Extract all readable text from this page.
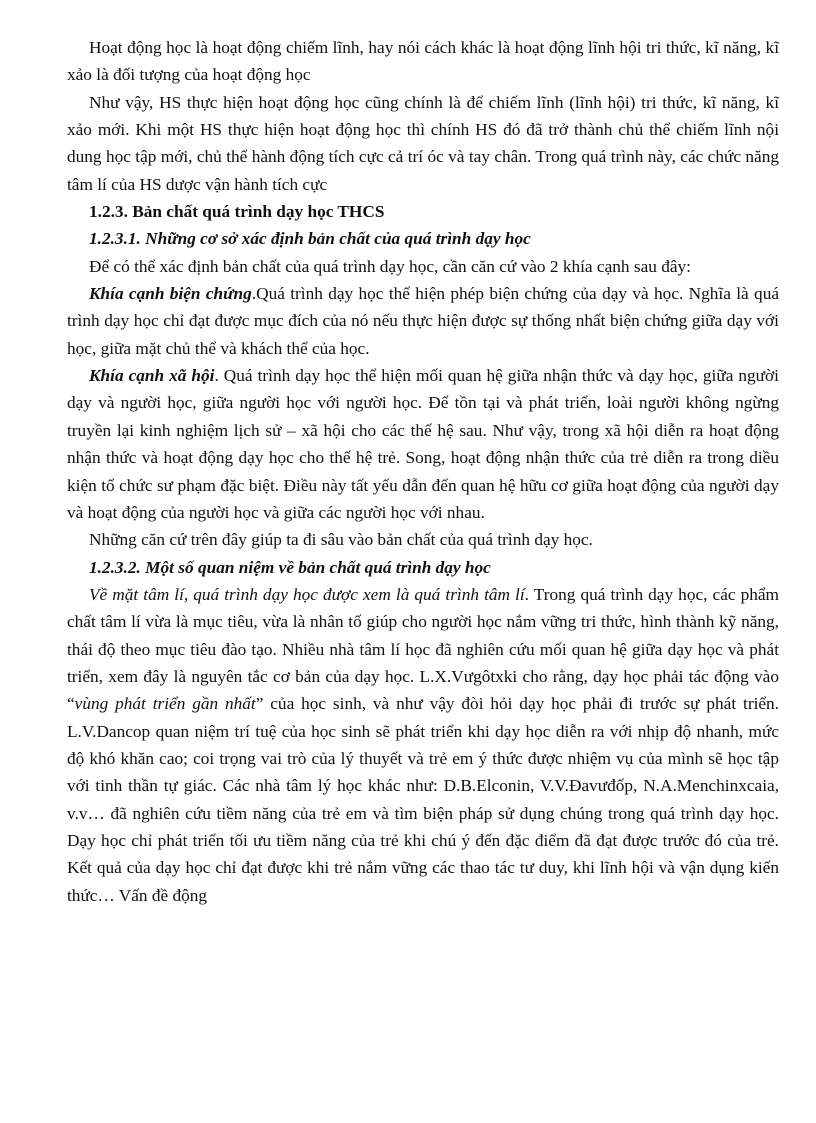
Hoạt động học là hoạt động chiếm lĩnh, hay nói cách khác là hoạt động lĩnh hội tri thức, kĩ năng, kĩ xảo là đối tượng của hoạt động học

Như vậy, HS thực hiện hoạt động học cũng chính là để chiếm lĩnh (lĩnh hội) tri thức, kĩ năng, kĩ xảo mới. Khi một HS thực hiện hoạt động học thì chính HS đó đã trở thành chủ thể chiếm lĩnh nội dung học tập mới, chủ thể hành động tích cực cả trí óc và tay chân. Trong quá trình này, các chức năng tâm lí của HS dược vận hành tích cực

1.2.3. Bản chất quá trình dạy học THCS

1.2.3.1. Những cơ sở xác định bản chất của quá trình dạy học

Để có thể xác định bản chất của quá trình dạy học, cần căn cứ vào 2 khía cạnh sau đây:

Khía cạnh biện chứng.Quá trình dạy học thể hiện phép biện chứng của dạy và học. Nghĩa là quá trình dạy học chỉ đạt được mục đích của nó nếu thực hiện được sự thống nhất biện chứng giữa dạy với học, giữa mặt chủ thể và khách thể của học.

Khía cạnh xã hội. Quá trình dạy học thể hiện mối quan hệ giữa nhận thức và dạy học, giữa người dạy và người học, giữa người học với người học. Để tồn tại và phát triển, loài người không ngừng truyền lại kinh nghiệm lịch sử – xã hội cho các thế hệ sau. Như vậy, trong xã hội diễn ra hoạt động nhận thức và hoạt động dạy học cho thế hệ trẻ. Song, hoạt động nhận thức của trẻ diễn ra trong diều kiện tổ chức sư phạm đặc biệt. Điều này tất yếu dẫn đến quan hệ hữu cơ giữa hoạt động của người dạy và hoạt động của người học và giữa các người học với nhau.

Những căn cứ trên đây giúp ta đi sâu vào bản chất của quá trình dạy học.

1.2.3.2. Một số quan niệm về bản chất quá trình dạy học

Về mặt tâm lí, quá trình dạy học được xem là quá trình tâm lí. Trong quá trình dạy học, các phẩm chất tâm lí vừa là mục tiêu, vừa là nhân tố giúp cho người học nắm vững tri thức, hình thành kỹ năng, thái độ theo mục tiêu đào tạo. Nhiều nhà tâm lí học đã nghiên cứu mối quan hệ giữa dạy học và phát triển, xem đây là nguyên tắc cơ bản của dạy học. L.X.Vưgôtxki cho rằng, dạy học phải tác động vào “vùng phát triển gần nhất” của học sinh, và như vậy đòi hỏi dạy học phải đi trước sự phát triển. L.V.Dancop quan niệm trí tuệ của học sinh sẽ phát triển khi dạy học diễn ra với nhịp độ nhanh, mức độ khó khăn cao; coi trọng vai trò của lý thuyết và trẻ em ý thức được nhiệm vụ của mình sẽ học tập với tinh thần tự giác. Các nhà tâm lý học khác như: D.B.Elconin, V.V.Đavưđốp, N.A.Menchinxcaia, v.v… đã nghiên cứu tiềm năng của trẻ em và tìm biện pháp sử dụng chúng trong quá trình dạy học. Dạy học chỉ phát triển tối ưu tiềm năng của trẻ khi chú ý đến đặc điểm đã đạt được trước đó của trẻ. Kết quả của dạy học chỉ đạt được khi trẻ nắm vững các thao tác tư duy, khi lĩnh hội và vận dụng kiến thức… Vấn đề động
